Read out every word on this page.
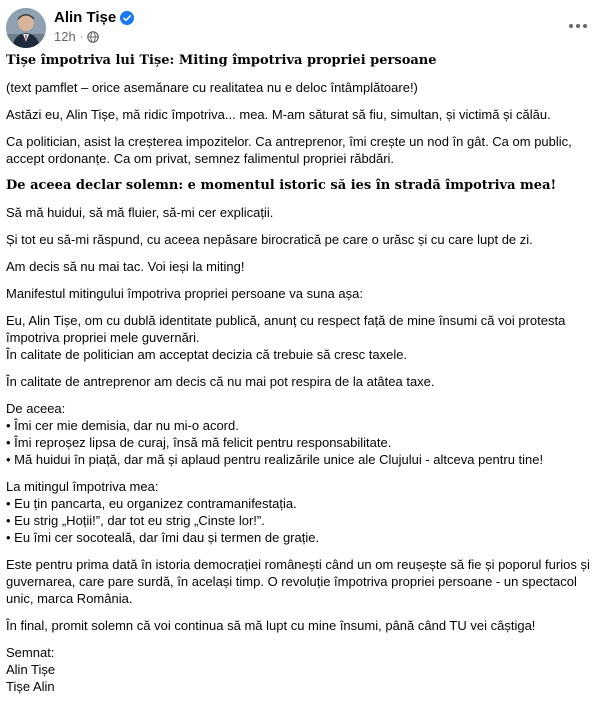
Alin Tișe
12h ·

Tișe împotriva lui Tișe: Miting împotriva propriei persoane

(text pamflet – orice asemănare cu realitatea nu e deloc întâmplătoare!)

Astăzi eu, Alin Tișe, mă ridic împotriva... mea. M-am săturat să fiu, simultan, și victimă și călău.

Ca politician, asist la creșterea impozitelor. Ca antreprenor, îmi crește un nod în gât. Ca om public, accept ordonanțe. Ca om privat, semnez falimentul propriei răbdări.

De aceea declar solemn: e momentul istoric să ies în stradă împotriva mea!

Să mă huidui, să mă fluier, să-mi cer explicații.

Și tot eu să-mi răspund, cu aceea nepăsare birocratică pe care o urăsc și cu care lupt de zi.

Am decis să nu mai tac. Voi ieși la miting!

Manifestul mitingului împotriva propriei persoane va suna așa:

Eu, Alin Tișe, om cu dublă identitate publică, anunț cu respect față de mine însumi că voi protesta împotriva propriei mele guvernări.
În calitate de politician am acceptat decizia că trebuie să cresc taxele.

În calitate de antreprenor am decis că nu mai pot respira de la atâtea taxe.

De aceea:
• Îmi cer mie demisia, dar nu mi-o acord.
• Îmi reproșez lipsa de curaj, însă mă felicit pentru responsabilitate.
• Mă huidui în piață, dar mă și aplaud pentru realizările unice ale Clujului - altceva pentru tine!

La mitingul împotriva mea:
• Eu țin pancarta, eu organizez contramanifestația.
• Eu strig „Hoții!”, dar tot eu strig „Cinste lor!”.
• Eu îmi cer socoteală, dar îmi dau și termen de grație.

Este pentru prima dată în istoria democrației românești când un om reușește să fie și poporul furios și guvernarea, care pare surdă, în același timp. O revoluție împotriva propriei persoane - un spectacol unic, marca România.

În final, promit solemn că voi continua să mă lupt cu mine însumi, până când TU vei câștiga!

Semnat:
Alin Tișe
Tișe Alin
